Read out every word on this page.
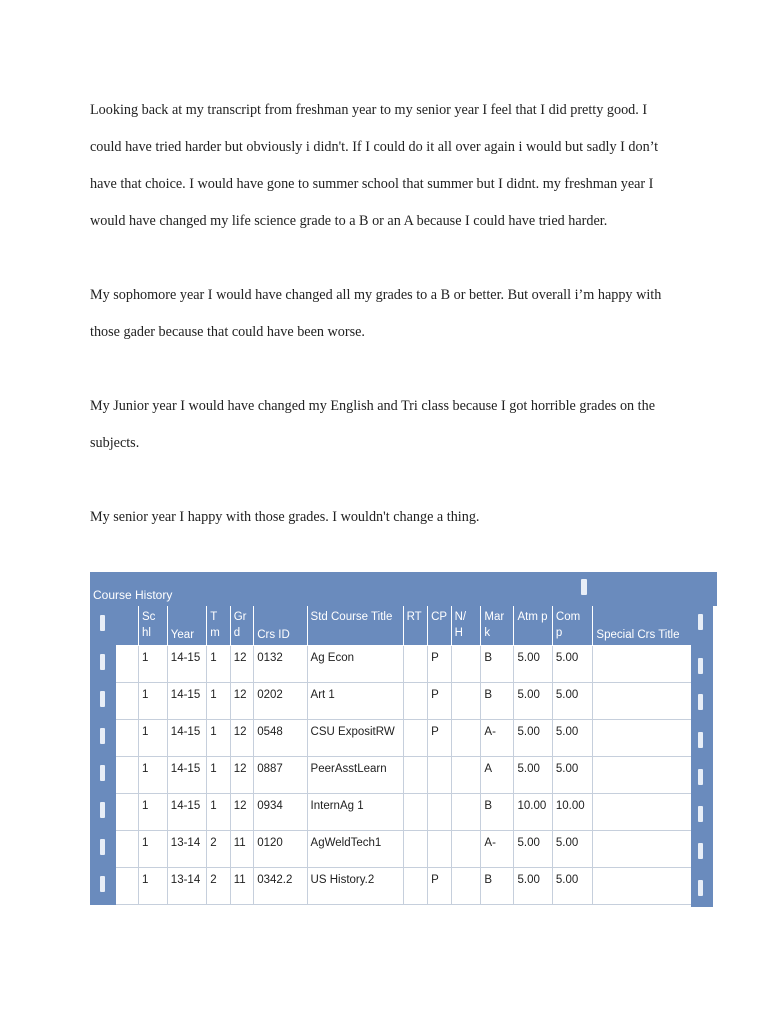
Looking back at my transcript from freshman year to my senior year I feel that I did pretty good. I could have tried harder but obviously i didn't. If I could do it all over again i would but sadly I don’t have that choice. I would have gone to summer school that summer but I didnt. my freshman year I would have changed my life science grade to a B or an A because I could have tried harder.

My sophomore year I would have changed all my grades to a B or better. But overall i’m happy with those gader because that could have been worse.

My Junior year I would have changed my English and Tri class because I got horrible grades on the subjects.

My senior year I happy with those grades. I wouldn't change a thing.

Course History
		Sc hl	Year	T m	Gr d	Crs ID	Std Course Title	RT	CP	N/ H	Mar k	Atm p	Com p	Special Crs Title
		1	14-15	1	12	0132	Ag Econ		P		B	5.00	5.00	
		1	14-15	1	12	0202	Art 1		P		B	5.00	5.00	
		1	14-15	1	12	0548	CSU ExpositRW		P		A-	5.00	5.00	
		1	14-15	1	12	0887	PeerAsstLearn				A	5.00	5.00	
		1	14-15	1	12	0934	InternAg 1				B	10.00	10.00	
		1	13-14	2	11	0120	AgWeldTech1				A-	5.00	5.00	
		1	13-14	2	11	0342.2	US History.2		P		B	5.00	5.00	
